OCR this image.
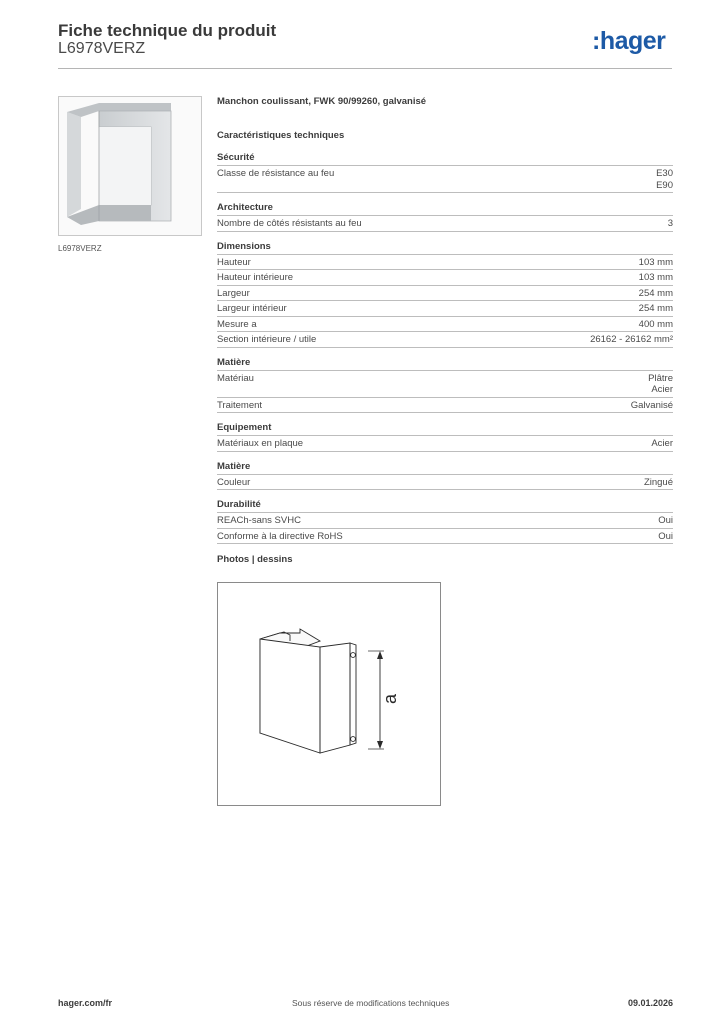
Fiche technique du produit
L6978VERZ	:hager
L6978VERZ
Manchon coulissant, FWK 90/99260, galvanisé
Caractéristiques techniques
Sécurité
Classe de résistance au feu	E30
E90
Architecture
Nombre de côtés résistants au feu	3
Dimensions
Hauteur	103 mm
Hauteur intérieure	103 mm
Largeur	254 mm
Largeur intérieur	254 mm
Mesure a	400 mm
Section intérieure / utile	26162 - 26162 mm²
Matière
Matériau	Plâtre
Acier
Traitement	Galvanisé
Equipement
Matériaux en plaque	Acier
Matière
Couleur	Zingué
Durabilité
REACh-sans SVHC	Oui
Conforme à la directive RoHS	Oui
Photos | dessins
a
hager.com/fr	Sous réserve de modifications techniques	09.01.2026
